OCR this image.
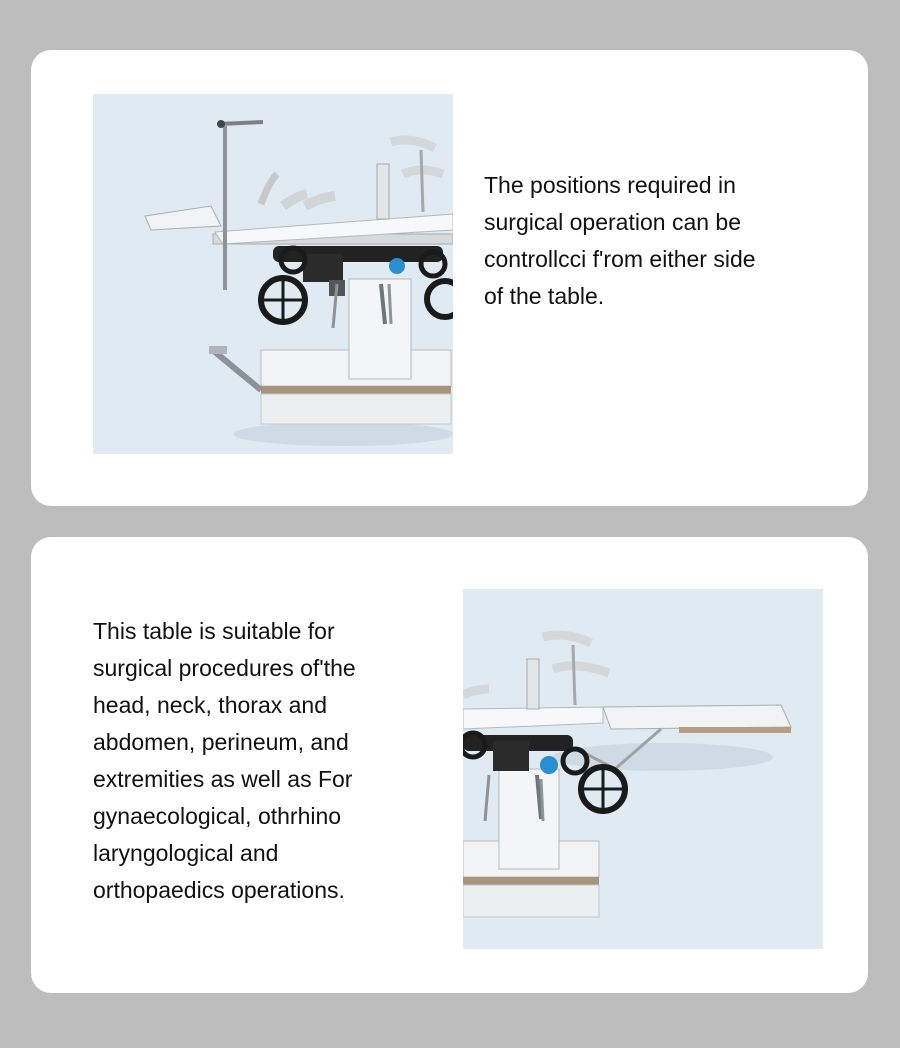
The positions required in
surgical operation can be
controllcci f'rom either side
of the table.

This table is suitable for
surgical procedures of'the
head, neck, thorax and
abdomen, perineum, and
extremities as well as For
gynaecological, othrhino
laryngological and
orthopaedics operations.
